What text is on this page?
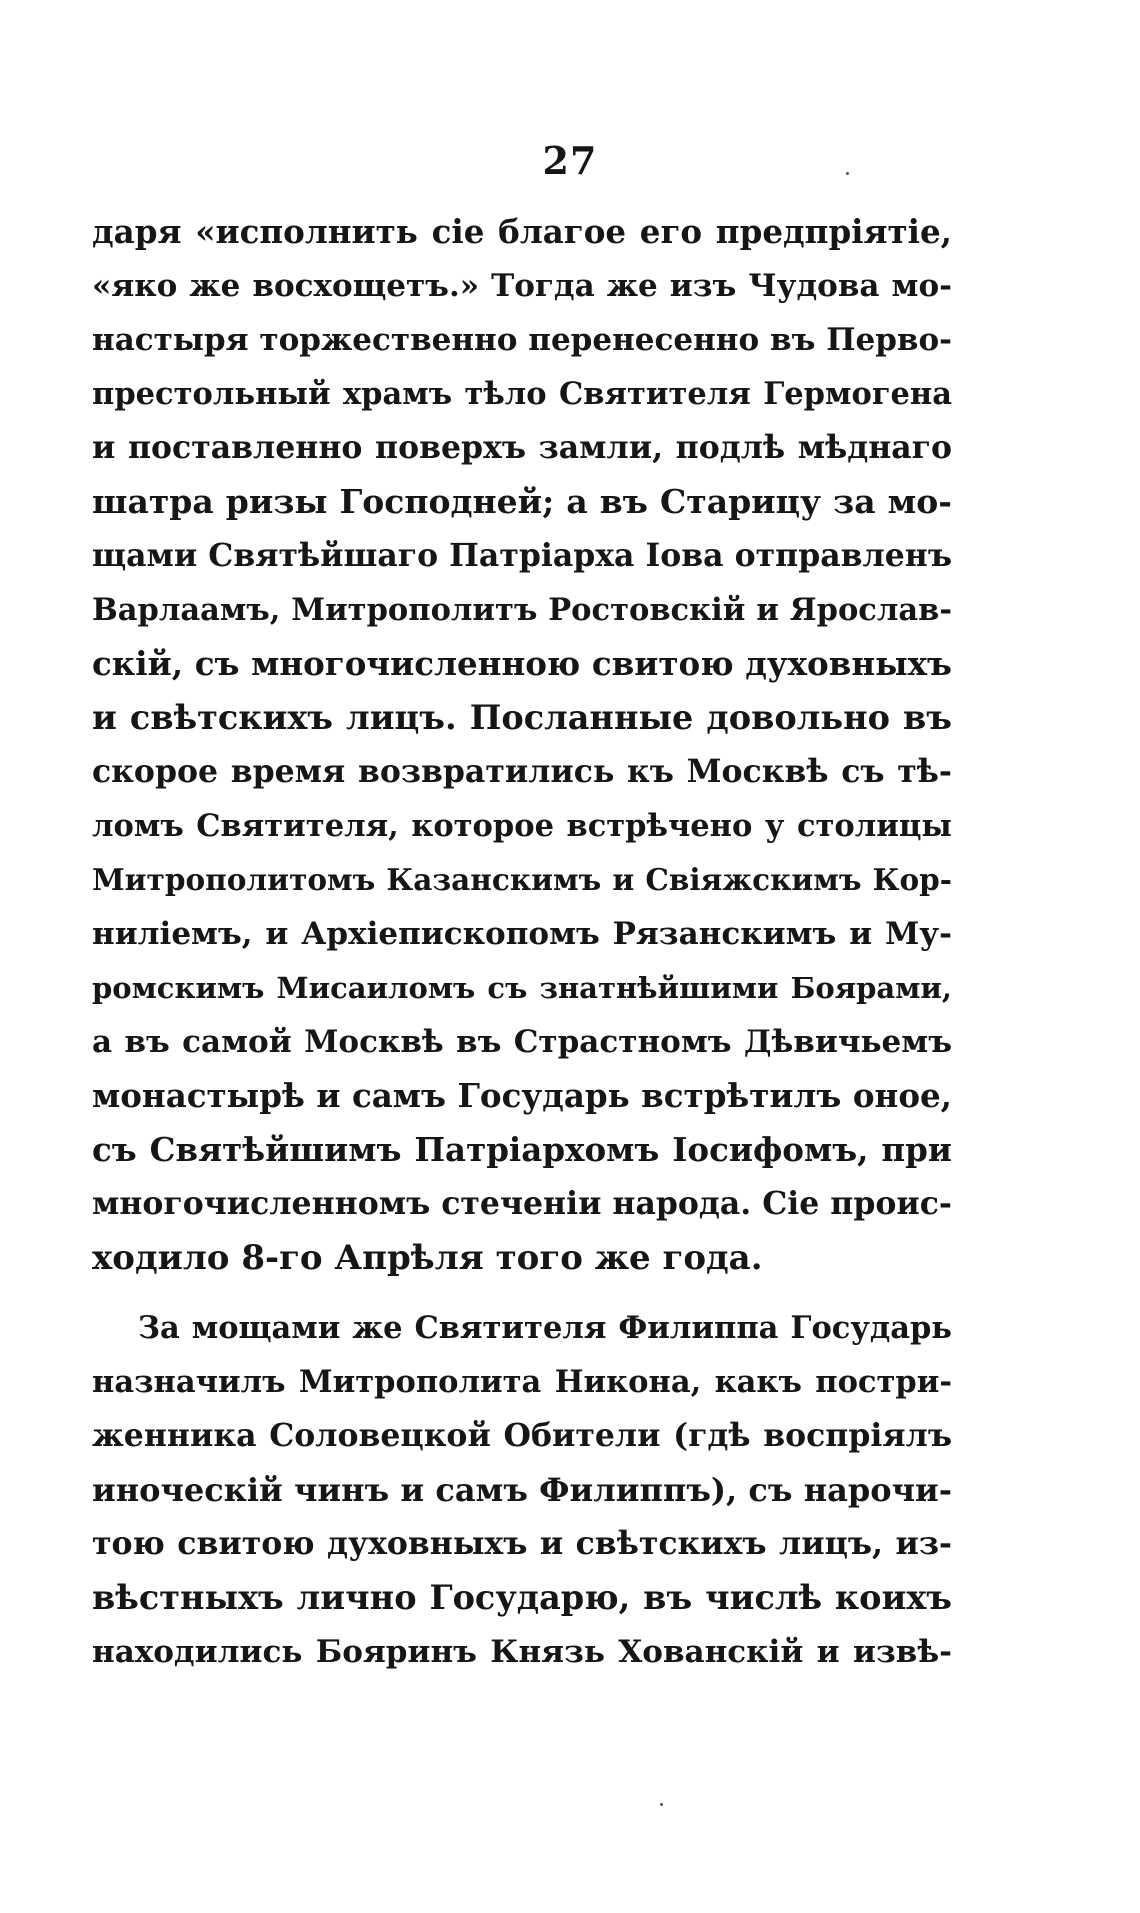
27
даря «исполнить сіе благое его предпріятіе,
«яко же восхощетъ.» Тогда же изъ Чудова мо-
настыря торжественно перенесенно въ Перво-
престольный храмъ тѣло Святителя Гермогена
и поставленно поверхъ замли, подлѣ мѣднаго
шатра ризы Господней; а въ Старицу за мо-
щами Святѣйшаго Патріарха Іова отправленъ
Варлаамъ, Митрополитъ Ростовскій и Ярослав-
скій, съ многочисленною свитою духовныхъ
и свѣтскихъ лицъ. Посланные довольно въ
скорое время возвратились къ Москвѣ съ тѣ-
ломъ Святителя, которое встрѣчено у столицы
Митрополитомъ Казанскимъ и Свіяжскимъ Кор-
ниліемъ, и Архіепископомъ Рязанскимъ и Му-
ромскимъ Мисаиломъ съ знатнѣйшими Боярами,
а въ самой Москвѣ въ Страстномъ Дѣвичьемъ
монастырѣ и самъ Государь встрѣтилъ оное,
съ Святѣйшимъ Патріархомъ Іосифомъ, при
многочисленномъ стеченіи народа. Сіе проис-
ходило 8-го Апрѣля того же года.
За мощами же Святителя Филиппа Государь
назначилъ Митрополита Никона, какъ постри-
женника Соловецкой Обители (гдѣ воспріялъ
иноческій чинъ и самъ Филиппъ), съ нарочи-
тою свитою духовныхъ и свѣтскихъ лицъ, из-
вѣстныхъ лично Государю, въ числѣ коихъ
находились Бояринъ Князь Хованскій и извѣ-
